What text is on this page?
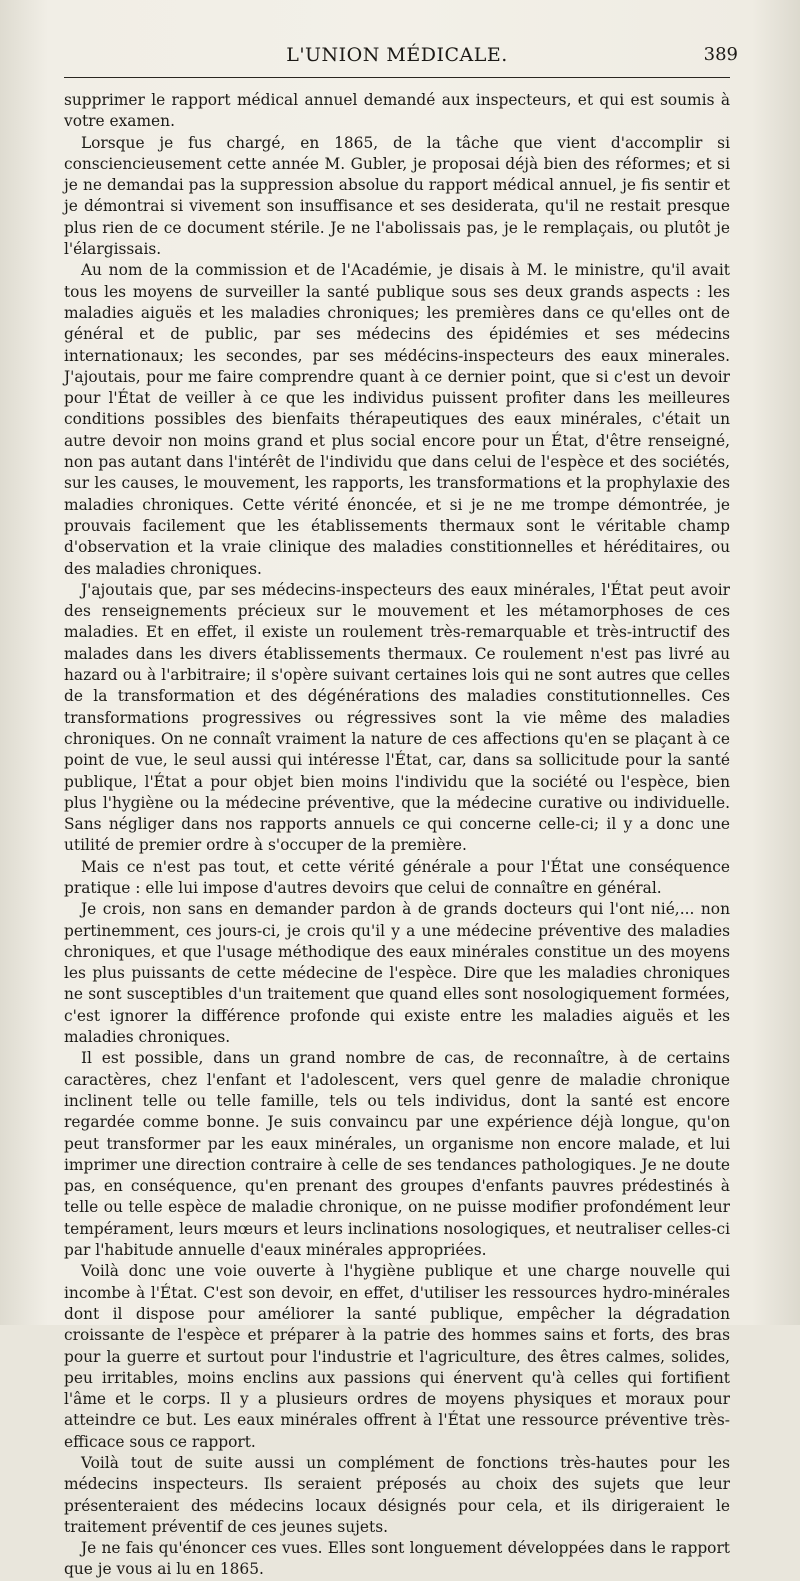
L'UNION MÉDICALE.	389

supprimer le rapport médical annuel demandé aux inspecteurs, et qui est soumis à votre examen.

Lorsque je fus chargé, en 1865, de la tâche que vient d'accomplir si consciencieusement cette année M. Gubler, je proposai déjà bien des réformes; et si je ne demandai pas la suppression absolue du rapport médical annuel, je fis sentir et je démontrai si vivement son insuffisance et ses desiderata, qu'il ne restait presque plus rien de ce document stérile. Je ne l'abolissais pas, je le remplaçais, ou plutôt je l'élargissais.

Au nom de la commission et de l'Académie, je disais à M. le ministre, qu'il avait tous les moyens de surveiller la santé publique sous ses deux grands aspects : les maladies aiguës et les maladies chroniques; les premières dans ce qu'elles ont de général et de public, par ses médecins des épidémies et ses médecins internationaux; les secondes, par ses médécins-inspecteurs des eaux minerales. J'ajoutais, pour me faire comprendre quant à ce dernier point, que si c'est un devoir pour l'État de veiller à ce que les individus puissent profiter dans les meilleures conditions possibles des bienfaits thérapeutiques des eaux minérales, c'était un autre devoir non moins grand et plus social encore pour un État, d'être renseigné, non pas autant dans l'intérêt de l'individu que dans celui de l'espèce et des sociétés, sur les causes, le mouvement, les rapports, les transformations et la prophylaxie des maladies chroniques. Cette vérité énoncée, et si je ne me trompe démontrée, je prouvais facilement que les établissements thermaux sont le véritable champ d'observation et la vraie clinique des maladies constitionnelles et héréditaires, ou des maladies chroniques.

J'ajoutais que, par ses médecins-inspecteurs des eaux minérales, l'État peut avoir des renseignements précieux sur le mouvement et les métamorphoses de ces maladies. Et en effet, il existe un roulement très-remarquable et très-intructif des malades dans les divers établissements thermaux. Ce roulement n'est pas livré au hazard ou à l'arbitraire; il s'opère suivant certaines lois qui ne sont autres que celles de la transformation et des dégénérations des maladies constitutionnelles. Ces transformations progressives ou régressives sont la vie même des maladies chroniques. On ne connaît vraiment la nature de ces affections qu'en se plaçant à ce point de vue, le seul aussi qui intéresse l'État, car, dans sa sollicitude pour la santé publique, l'État a pour objet bien moins l'individu que la société ou l'espèce, bien plus l'hygiène ou la médecine préventive, que la médecine curative ou individuelle. Sans négliger dans nos rapports annuels ce qui concerne celle-ci; il y a donc une utilité de premier ordre à s'occuper de la première.

Mais ce n'est pas tout, et cette vérité générale a pour l'État une conséquence pratique : elle lui impose d'autres devoirs que celui de connaître en général.

Je crois, non sans en demander pardon à de grands docteurs qui l'ont nié,... non pertinemment, ces jours-ci, je crois qu'il y a une médecine préventive des maladies chroniques, et que l'usage méthodique des eaux minérales constitue un des moyens les plus puissants de cette médecine de l'espèce. Dire que les maladies chroniques ne sont susceptibles d'un traitement que quand elles sont nosologiquement formées, c'est ignorer la différence profonde qui existe entre les maladies aiguës et les maladies chroniques.

Il est possible, dans un grand nombre de cas, de reconnaître, à de certains caractères, chez l'enfant et l'adolescent, vers quel genre de maladie chronique inclinent telle ou telle famille, tels ou tels individus, dont la santé est encore regardée comme bonne. Je suis convaincu par une expérience déjà longue, qu'on peut transformer par les eaux minérales, un organisme non encore malade, et lui imprimer une direction contraire à celle de ses tendances pathologiques. Je ne doute pas, en conséquence, qu'en prenant des groupes d'enfants pauvres prédestinés à telle ou telle espèce de maladie chronique, on ne puisse modifier profondément leur tempérament, leurs mœurs et leurs inclinations nosologiques, et neutraliser celles-ci par l'habitude annuelle d'eaux minérales appropriées.

Voilà donc une voie ouverte à l'hygiène publique et une charge nouvelle qui incombe à l'État. C'est son devoir, en effet, d'utiliser les ressources hydro-minérales dont il dispose pour améliorer la santé publique, empêcher la dégradation croissante de l'espèce et préparer à la patrie des hommes sains et forts, des bras pour la guerre et surtout pour l'industrie et l'agriculture, des êtres calmes, solides, peu irritables, moins enclins aux passions qui énervent qu'à celles qui fortifient l'âme et le corps. Il y a plusieurs ordres de moyens physiques et moraux pour atteindre ce but. Les eaux minérales offrent à l'État une ressource préventive très-efficace sous ce rapport.

Voilà tout de suite aussi un complément de fonctions très-hautes pour les médecins inspecteurs. Ils seraient préposés au choix des sujets que leur présenteraient des médecins locaux désignés pour cela, et ils dirigeraient le traitement préventif de ces jeunes sujets.

Je ne fais qu'énoncer ces vues. Elles sont longuement développées dans le rapport que je vous ai lu en 1865.
